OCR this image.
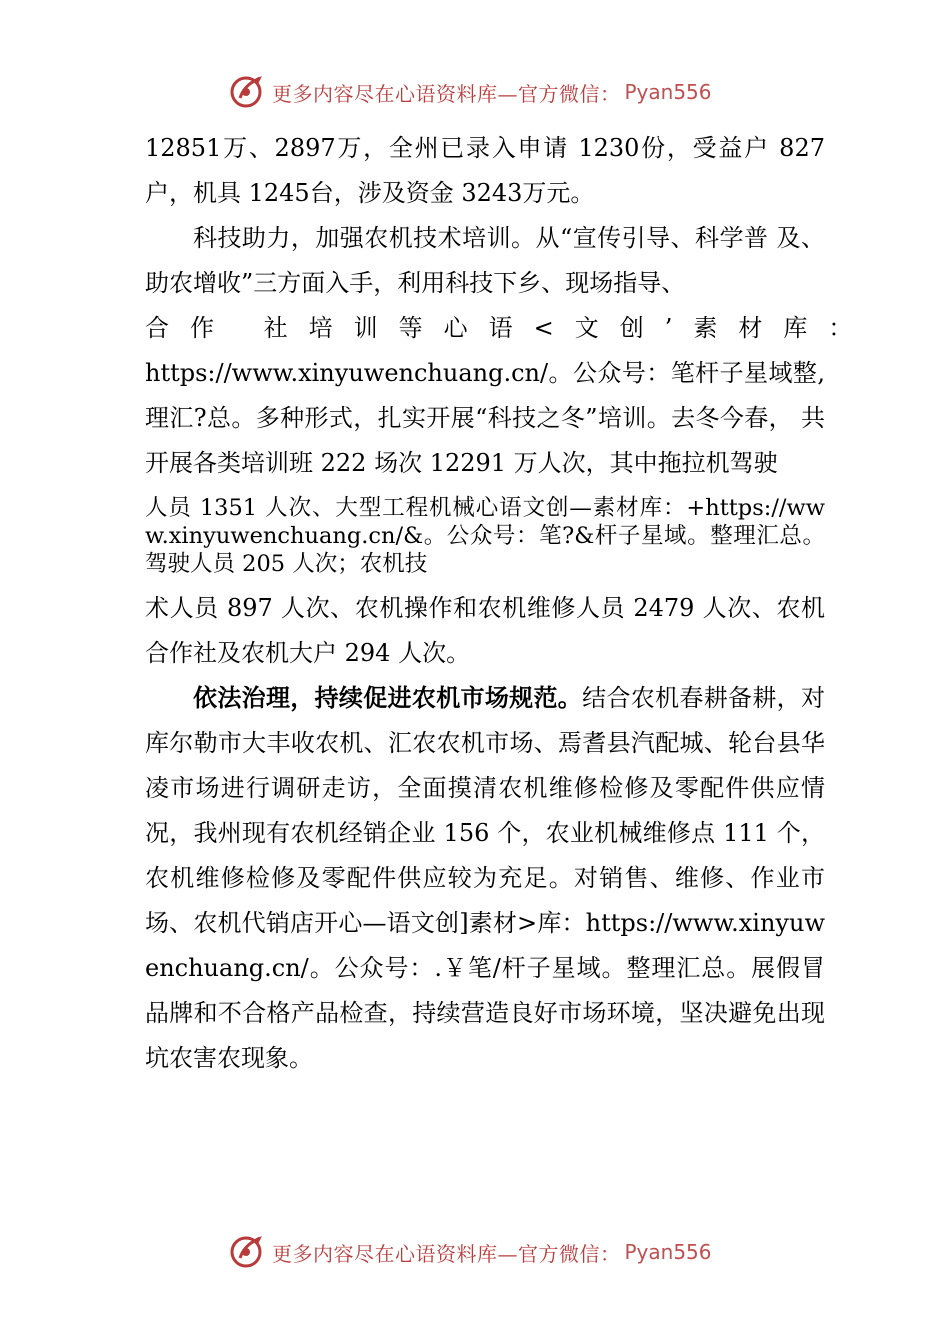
更多内容尽在心语资料库—官方微信： Pyan556

12851万、2897万，全州已录入申请 1230份，受益户 827户，机具 1245台，涉及资金 3243万元。

科技助力，加强农机技术培训。从“宣传引导、科学普 及、助农增收”三方面入手，利用科技下乡、现场指导、

合作 社培训等心语<文创’素材库：

https://www.xinyuwenchuang.cn/。公众号：笔杆子星域整,理汇?总。多种形式，扎实开展“科技之冬”培训。去冬今春， 共开展各类培训班 222 场次 12291 万人次，其中拖拉机驾驶

人员 1351 人次、大型工程机械心语文创—素材库：+https://www.xinyuwenchuang.cn/&。公众号：笔?&杆子星域。整理汇总。驾驶人员 205 人次；农机技

术人员 897 人次、农机操作和农机维修人员 2479 人次、农机合作社及农机大户 294 人次。

依法治理，持续促进农机市场规范。结合农机春耕备耕，对库尔勒市大丰收农机、汇农农机市场、焉耆县汽配城、轮台县华凌市场进行调研走访，全面摸清农机维修检修及零配件供应情况，我州现有农机经销企业 156 个，农业机械维修点 111 个，农机维修检修及零配件供应较为充足。对销售、维修、作业市场、农机代销店开心—语文创]素材>库：https://www.xinyuwenchuang.cn/。公众号：.￥笔/杆子星域。整理汇总。展假冒品牌和不合格产品检查，持续营造良好市场环境，坚决避免出现坑农害农现象。

更多内容尽在心语资料库—官方微信： Pyan556
